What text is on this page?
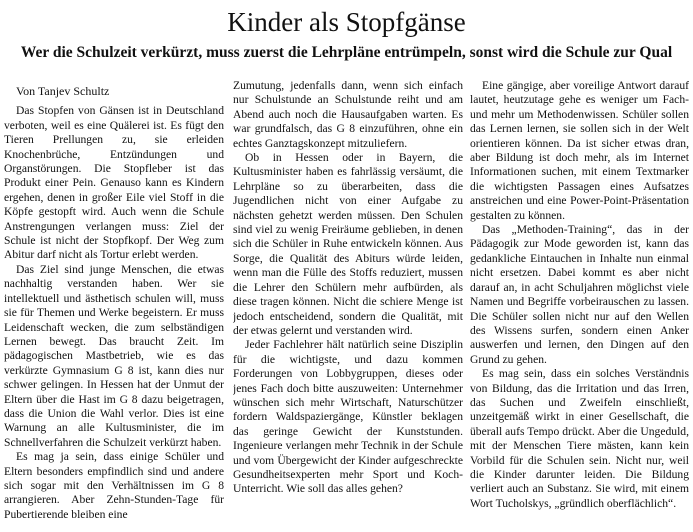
Kinder als Stopfgänse
Wer die Schulzeit verkürzt, muss zuerst die Lehrpläne entrümpeln, sonst wird die Schule zur Qual
Von Tanjev Schultz

Das Stopfen von Gänsen ist in Deutschland verboten, weil es eine Quälerei ist. Es fügt den Tieren Prellungen zu, sie erleiden Knochenbrüche, Entzündungen und Organstörungen. Die Stopfleber ist das Produkt einer Pein. Genauso kann es Kindern ergehen, denen in großer Eile viel Stoff in die Köpfe gestopft wird. Auch wenn die Schule Anstrengungen verlangen muss: Ziel der Schule ist nicht der Stopfkopf. Der Weg zum Abitur darf nicht als Tortur erlebt werden.

Das Ziel sind junge Menschen, die etwas nachhaltig verstanden haben. Wer sie intellektuell und ästhetisch schulen will, muss sie für Themen und Werke begeistern. Er muss Leidenschaft wecken, die zum selbständigen Lernen bewegt. Das braucht Zeit. Im pädagogischen Mastbetrieb, wie es das verkürzte Gymnasium G 8 ist, kann dies nur schwer gelingen. In Hessen hat der Unmut der Eltern über die Hast im G 8 dazu beigetragen, dass die Union die Wahl verlor. Dies ist eine Warnung an alle Kultusminister, die im Schnellverfahren die Schulzeit verkürzt haben.

Es mag ja sein, dass einige Schüler und Eltern besonders empfindlich sind und andere sich sogar mit den Verhältnissen im G 8 arrangieren. Aber Zehn-Stunden-Tage für Pubertierende bleiben eine

Zumutung, jedenfalls dann, wenn sich einfach nur Schulstunde an Schulstunde reiht und am Abend auch noch die Hausaufgaben warten. Es war grundfalsch, das G 8 einzuführen, ohne ein echtes Ganztagskonzept mitzuliefern.

Ob in Hessen oder in Bayern, die Kultusminister haben es fahrlässig versäumt, die Lehrpläne so zu überarbeiten, dass die Jugendlichen nicht von einer Aufgabe zu nächsten gehetzt werden müssen. Den Schulen sind viel zu wenig Freiräume geblieben, in denen sich die Schüler in Ruhe entwickeln können. Aus Sorge, die Qualität des Abiturs würde leiden, wenn man die Fülle des Stoffs reduziert, mussen die Lehrer den Schülern mehr aufbürden, als diese tragen können. Nicht die schiere Menge ist jedoch entscheidend, sondern die Qualität, mit der etwas gelernt und verstanden wird.

Jeder Fachlehrer hält natürlich seine Disziplin für die wichtigste, und dazu kommen Forderungen von Lobbygruppen, dieses oder jenes Fach doch bitte auszuweiten: Unternehmer wünschen sich mehr Wirtschaft, Naturschützer fordern Waldspaziergänge, Künstler beklagen das geringe Gewicht der Kunststunden. Ingenieure verlangen mehr Technik in der Schule und vom Übergewicht der Kinder aufgeschreckte Gesundheitsexperten mehr Sport und Koch-Unterricht. Wie soll das alles gehen?

Eine gängige, aber voreilige Antwort darauf lautet, heutzutage gehe es weniger um Fach- und mehr um Methodenwissen. Schüler sollen das Lernen lernen, sie sollen sich in der Welt orientieren können. Da ist sicher etwas dran, aber Bildung ist doch mehr, als im Internet Informationen suchen, mit einem Textmarker die wichtigsten Passagen eines Aufsatzes anstreichen und eine Power-Point-Präsentation gestalten zu können.

Das „Methoden-Training“, das in der Pädagogik zur Mode geworden ist, kann das gedankliche Eintauchen in Inhalte nun einmal nicht ersetzen. Dabei kommt es aber nicht darauf an, in acht Schuljahren möglichst viele Namen und Begriffe vorbeirauschen zu lassen. Die Schüler sollen nicht nur auf den Wellen des Wissens surfen, sondern einen Anker auswerfen und lernen, den Dingen auf den Grund zu gehen.

Es mag sein, dass ein solches Verständnis von Bildung, das die Irritation und das Irren, das Suchen und Zweifeln einschließt, unzeitgemäß wirkt in einer Gesellschaft, die überall aufs Tempo drückt. Aber die Ungeduld, mit der Menschen Tiere mästen, kann kein Vorbild für die Schulen sein. Nicht nur, weil die Kinder darunter leiden. Die Bildung verliert auch an Substanz. Sie wird, mit einem Wort Tucholskys, „gründlich oberflächlich“.
